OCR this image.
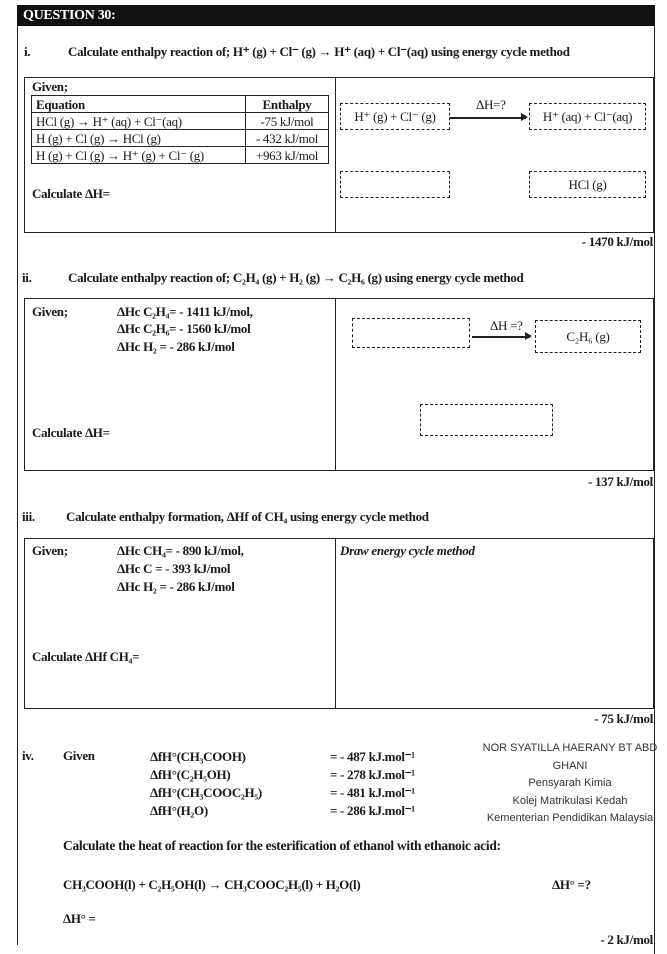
QUESTION 30:
i.	Calculate enthalpy reaction of; H⁺ (g) + Cl⁻ (g) → H⁺ (aq) + Cl⁻(aq) using energy cycle method
Given;
Equation	Enthalpy
HCl (g) → H⁺ (aq) + Cl⁻(aq)	-75 kJ/mol
H (g) + Cl (g) → HCl (g)	- 432 kJ/mol
H (g) + Cl (g) → H⁺ (g) + Cl⁻ (g)	+963 kJ/mol
Calculate ΔH=
H⁺ (g) + Cl⁻ (g)
ΔH=?
H⁺ (aq) + Cl⁻(aq)
HCl (g)
- 1470 kJ/mol
ii.	Calculate enthalpy reaction of; C₂H₄ (g) + H₂ (g) → C₂H₆ (g) using energy cycle method
Given;	ΔHc C₂H₄= - 1411 kJ/mol,
ΔHc C₂H₆= - 1560 kJ/mol
ΔHc H₂ = - 286 kJ/mol
Calculate ΔH=
ΔH =?
C₂H₆ (g)
- 137 kJ/mol
iii. Calculate enthalpy formation, ΔHf of CH₄ using energy cycle method
Given;	ΔHc CH₄= - 890 kJ/mol,
ΔHc C = - 393 kJ/mol
ΔHc H₂ = - 286 kJ/mol
Draw energy cycle method
Calculate ΔHf CH₄=
- 75 kJ/mol
iv. Given	ΔfH°(CH₃COOH)	= - 487 kJ.mol⁻¹
ΔfH°(C₂H₅OH)	= - 278 kJ.mol⁻¹
ΔfH°(CH₃COOC₂H₅)	= - 481 kJ.mol⁻¹
ΔfH°(H₂O)	= - 286 kJ.mol⁻¹
NOR SYATILLA HAERANY BT ABD GHANI
Pensyarah Kimia
Kolej Matrikulasi Kedah
Kementerian Pendidikan Malaysia
Calculate the heat of reaction for the esterification of ethanol with ethanoic acid:
CH₃COOH(l) + C₂H₅OH(l) → CH₃COOC₂H₅(l) + H₂O(l)	ΔH° =?
ΔH° =
- 2 kJ/mol
